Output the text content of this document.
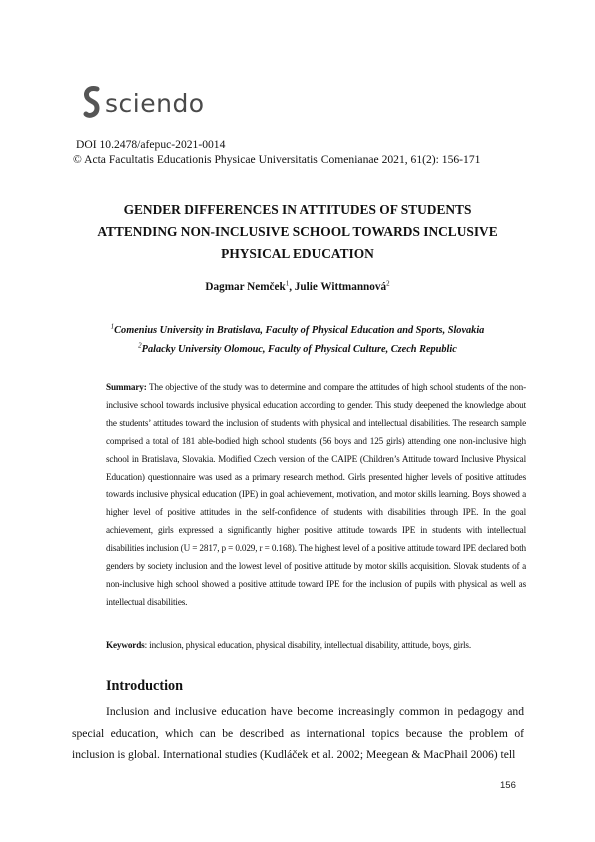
sciendo
DOI 10.2478/afepuc-2021-0014
© Acta Facultatis Educationis Physicae Universitatis Comenianae 2021, 61(2): 156-171
GENDER DIFFERENCES IN ATTITUDES OF STUDENTS
ATTENDING NON-INCLUSIVE SCHOOL TOWARDS INCLUSIVE
PHYSICAL EDUCATION
Dagmar Nemček$^1$, Julie Wittmannová$^2$
$^1$Comenius University in Bratislava, Faculty of Physical Education and Sports, Slovakia
$^2$Palacky University Olomouc, Faculty of Physical Culture, Czech Republic
Summary: The objective of the study was to determine and compare the attitudes of high school students of the non-inclusive school towards inclusive physical education according to gender. This study deepened the knowledge about the students’ attitudes toward the inclusion of students with physical and intellectual disabilities. The research sample comprised a total of 181 able-bodied high school students (56 boys and 125 girls) attending one non-inclusive high school in Bratislava, Slovakia. Modified Czech version of the CAIPE (Children’s Attitude toward Inclusive Physical Education) questionnaire was used as a primary research method. Girls presented higher levels of positive attitudes towards inclusive physical education (IPE) in goal achievement, motivation, and motor skills learning. Boys showed a higher level of positive attitudes in the self-confidence of students with disabilities through IPE. In the goal achievement, girls expressed a significantly higher positive attitude towards IPE in students with intellectual disabilities inclusion (U = 2817, p = 0.029, r = 0.168). The highest level of a positive attitude toward IPE declared both genders by society inclusion and the lowest level of positive attitude by motor skills acquisition. Slovak students of a non-inclusive high school showed a positive attitude toward IPE for the inclusion of pupils with physical as well as intellectual disabilities.
Keywords: inclusion, physical education, physical disability, intellectual disability, attitude, boys, girls.
Introduction
Inclusion and inclusive education have become increasingly common in pedagogy and special education, which can be described as international topics because the problem of inclusion is global. International studies (Kudláček et al. 2002; Meegean & MacPhail 2006) tell
156
